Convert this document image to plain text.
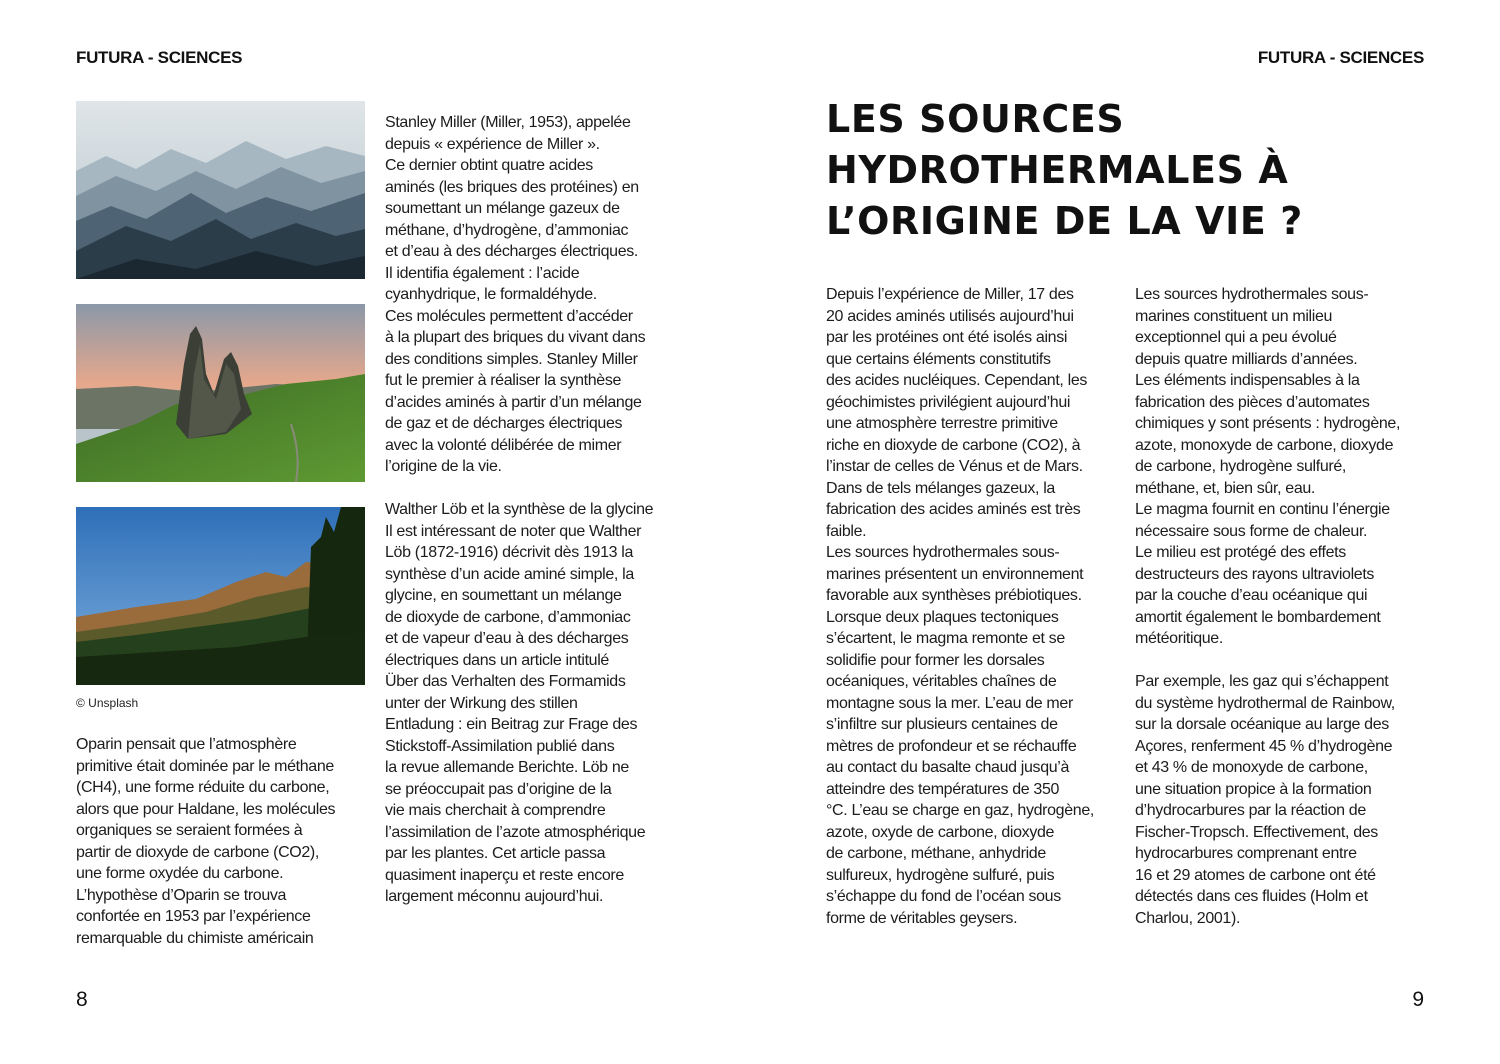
FUTURA - SCIENCES
© Unsplash

Oparin pensait que l’atmosphère
primitive était dominée par le méthane
(CH4), une forme réduite du carbone,
alors que pour Haldane, les molécules
organiques se seraient formées à
partir de dioxyde de carbone (CO2),
une forme oxydée du carbone.
L’hypothèse d’Oparin se trouva
confortée en 1953 par l’expérience
remarquable du chimiste américain

Stanley Miller (Miller, 1953), appelée
depuis « expérience de Miller ».
Ce dernier obtint quatre acides
aminés (les briques des protéines) en
soumettant un mélange gazeux de
méthane, d’hydrogène, d’ammoniac
et d’eau à des décharges électriques.
Il identifia également : l’acide
cyanhydrique, le formaldéhyde.
Ces molécules permettent d’accéder
à la plupart des briques du vivant dans
des conditions simples. Stanley Miller
fut le premier à réaliser la synthèse
d’acides aminés à partir d’un mélange
de gaz et de décharges électriques
avec la volonté délibérée de mimer
l’origine de la vie.

Walther Löb et la synthèse de la glycine
Il est intéressant de noter que Walther
Löb (1872-1916) décrivit dès 1913 la
synthèse d’un acide aminé simple, la
glycine, en soumettant un mélange
de dioxyde de carbone, d’ammoniac
et de vapeur d’eau à des décharges
électriques dans un article intitulé
Über das Verhalten des Formamids
unter der Wirkung des stillen
Entladung : ein Beitrag zur Frage des
Stickstoff-Assimilation publié dans
la revue allemande Berichte. Löb ne
se préoccupait pas d’origine de la
vie mais cherchait à comprendre
l’assimilation de l’azote atmosphérique
par les plantes. Cet article passa
quasiment inaperçu et reste encore
largement méconnu aujourd’hui.

8
FUTURA - SCIENCES
LES SOURCES
HYDROTHERMALES À
L’ORIGINE DE LA VIE ?

Depuis l’expérience de Miller, 17 des
20 acides aminés utilisés aujourd’hui
par les protéines ont été isolés ainsi
que certains éléments constitutifs
des acides nucléiques. Cependant, les
géochimistes privilégient aujourd’hui
une atmosphère terrestre primitive
riche en dioxyde de carbone (CO2), à
l’instar de celles de Vénus et de Mars.
Dans de tels mélanges gazeux, la
fabrication des acides aminés est très
faible.
Les sources hydrothermales sous-
marines présentent un environnement
favorable aux synthèses prébiotiques.
Lorsque deux plaques tectoniques
s’écartent, le magma remonte et se
solidifie pour former les dorsales
océaniques, véritables chaînes de
montagne sous la mer. L’eau de mer
s’infiltre sur plusieurs centaines de
mètres de profondeur et se réchauffe
au contact du basalte chaud jusqu’à
atteindre des températures de 350
°C. L’eau se charge en gaz, hydrogène,
azote, oxyde de carbone, dioxyde
de carbone, méthane, anhydride
sulfureux, hydrogène sulfuré, puis
s’échappe du fond de l’océan sous
forme de véritables geysers.

Les sources hydrothermales sous-
marines constituent un milieu
exceptionnel qui a peu évolué
depuis quatre milliards d’années.
Les éléments indispensables à la
fabrication des pièces d’automates
chimiques y sont présents : hydrogène,
azote, monoxyde de carbone, dioxyde
de carbone, hydrogène sulfuré,
méthane, et, bien sûr, eau.
Le magma fournit en continu l’énergie
nécessaire sous forme de chaleur.
Le milieu est protégé des effets
destructeurs des rayons ultraviolets
par la couche d’eau océanique qui
amortit également le bombardement
météoritique.

Par exemple, les gaz qui s’échappent
du système hydrothermal de Rainbow,
sur la dorsale océanique au large des
Açores, renferment 45 % d’hydrogène
et 43 % de monoxyde de carbone,
une situation propice à la formation
d’hydrocarbures par la réaction de
Fischer-Tropsch. Effectivement, des
hydrocarbures comprenant entre
16 et 29 atomes de carbone ont été
détectés dans ces fluides (Holm et
Charlou, 2001).

9
